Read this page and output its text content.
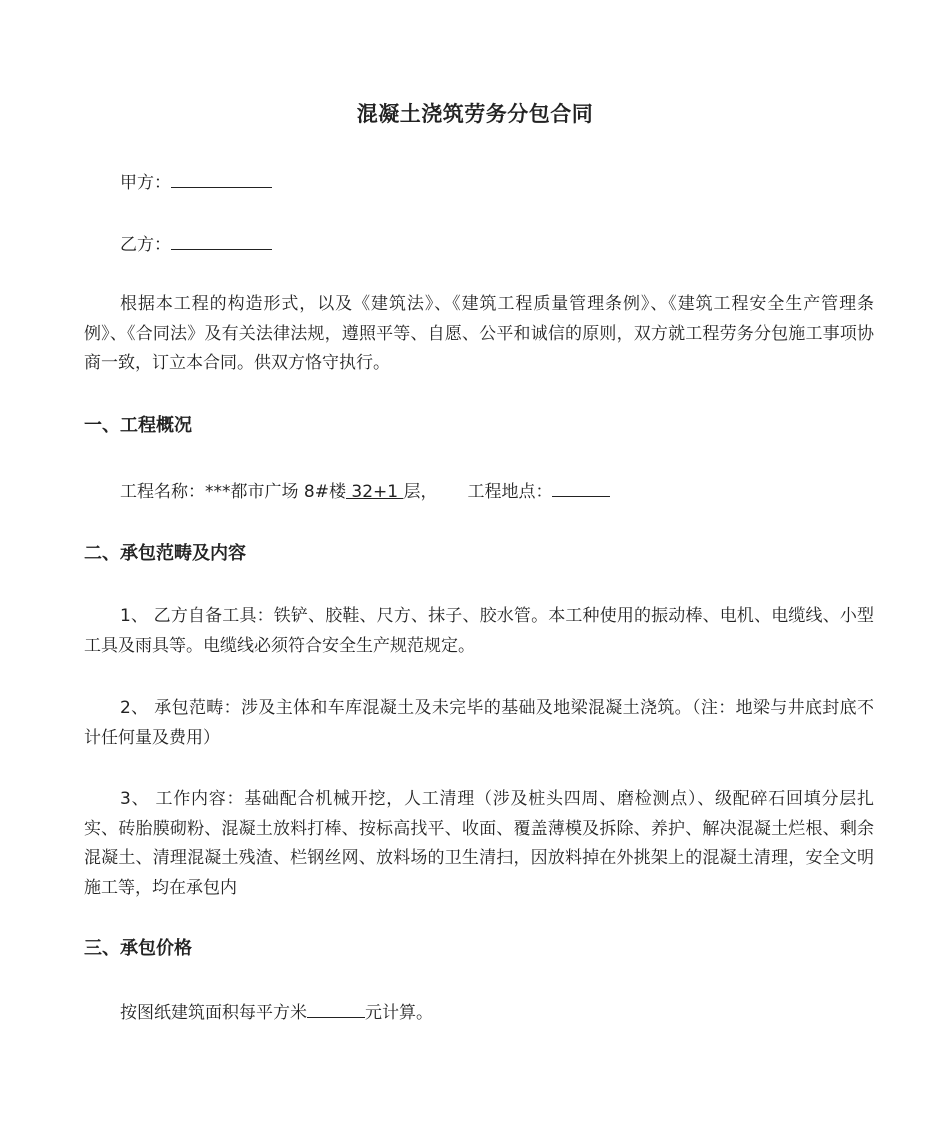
混凝土浇筑劳务分包合同
甲方：
乙方：
根据本工程的构造形式，以及《建筑法》、《建筑工程质量管理条例》、《建筑工程安全生产管理条例》、《合同法》及有关法律法规，遵照平等、自愿、公平和诚信的原则，双方就工程劳务分包施工事项协商一致，订立本合同。供双方恪守执行。
一、工程概况
工程名称：***都市广场 8#楼 32+1 层， 工程地点：
二、承包范畴及内容
1、 乙方自备工具：铁铲、胶鞋、尺方、抹子、胶水管。本工种使用的振动棒、电机、电缆线、小型工具及雨具等。电缆线必须符合安全生产规范规定。
2、 承包范畴：涉及主体和车库混凝土及未完毕的基础及地梁混凝土浇筑。（注：地梁与井底封底不计任何量及费用）
3、 工作内容：基础配合机械开挖，人工清理（涉及桩头四周、磨检测点）、级配碎石回填分层扎实、砖胎膜砌粉、混凝土放料打棒、按标高找平、收面、覆盖薄模及拆除、养护、解决混凝土烂根、剩余混凝土、清理混凝土残渣、栏钢丝网、放料场的卫生清扫，因放料掉在外挑架上的混凝土清理，安全文明施工等，均在承包内
三、承包价格
按图纸建筑面积每平方米	元计算。
